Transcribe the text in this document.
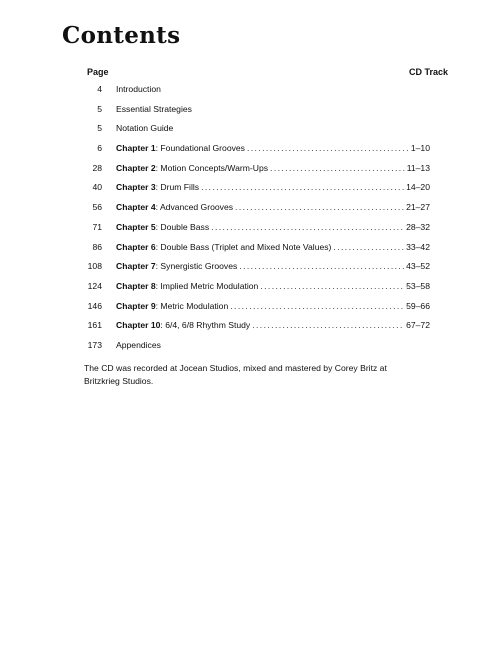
Contents
Page	CD Track
4 Introduction
5 Essential Strategies
5 Notation Guide
6 Chapter 1 : Foundational Grooves .....	1–10
28 Chapter 2 : Motion Concepts/Warm-Ups .....	11–13
40 Chapter 3 : Drum Fills .....	14–20
56 Chapter 4 : Advanced Grooves .....	21–27
71 Chapter 5 : Double Bass .....	28–32
86 Chapter 6 : Double Bass (Triplet and Mixed Note Values) .....	33–42
108 Chapter 7 : Synergistic Grooves .....	43–52
124 Chapter 8 : Implied Metric Modulation .....	53–58
146 Chapter 9 : Metric Modulation .....	59–66
161 Chapter 10 : 6/4, 6/8 Rhythm Study .....	67–72
173 Appendices
The CD was recorded at Jocean Studios, mixed and mastered by Corey Britz at Britzkrieg Studios.
